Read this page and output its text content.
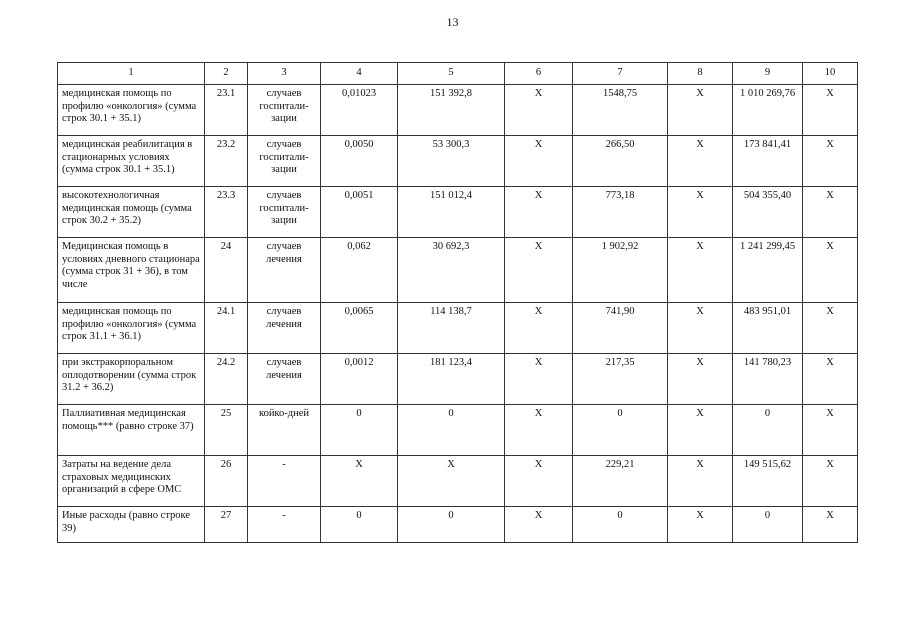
13
1	2	3	4	5	6	7	8	9	10
медицинская помощь по профилю «онкология» (сумма строк 30.1 + 35.1)	23.1	случаев госпитали-зации	0,01023	151 392,8	X	1548,75	X	1 010 269,76	X
медицинская реабилитация в стационарных условиях (сумма строк 30.1 + 35.1)	23.2	случаев госпитали-зации	0,0050	53 300,3	X	266,50	X	173 841,41	X
высокотехнологичная медицинская помощь (сумма строк 30.2 + 35.2)	23.3	случаев госпитали-зации	0,0051	151 012,4	X	773,18	X	504 355,40	X
Медицинская помощь в условиях дневного стационара (сумма строк 31 + 36), в том числе	24	случаев лечения	0,062	30 692,3	X	1 902,92	X	1 241 299,45	X
медицинская помощь по профилю «онкология» (сумма строк 31.1 + 36.1)	24.1	случаев лечения	0,0065	114 138,7	X	741,90	X	483 951,01	X
при экстракорпоральном оплодотворении (сумма строк 31.2 + 36.2)	24.2	случаев лечения	0,0012	181 123,4	X	217,35	X	141 780,23	X
Паллиативная медицинская помощь*** (равно строке 37)	25	койко-дней	0	0	X	0	X	0	X
Затраты на ведение дела страховых медицинских организаций в сфере ОМС	26	-	X	X	X	229,21	X	149 515,62	X
Иные расходы (равно строке 39)	27	-	0	0	X	0	X	0	X
